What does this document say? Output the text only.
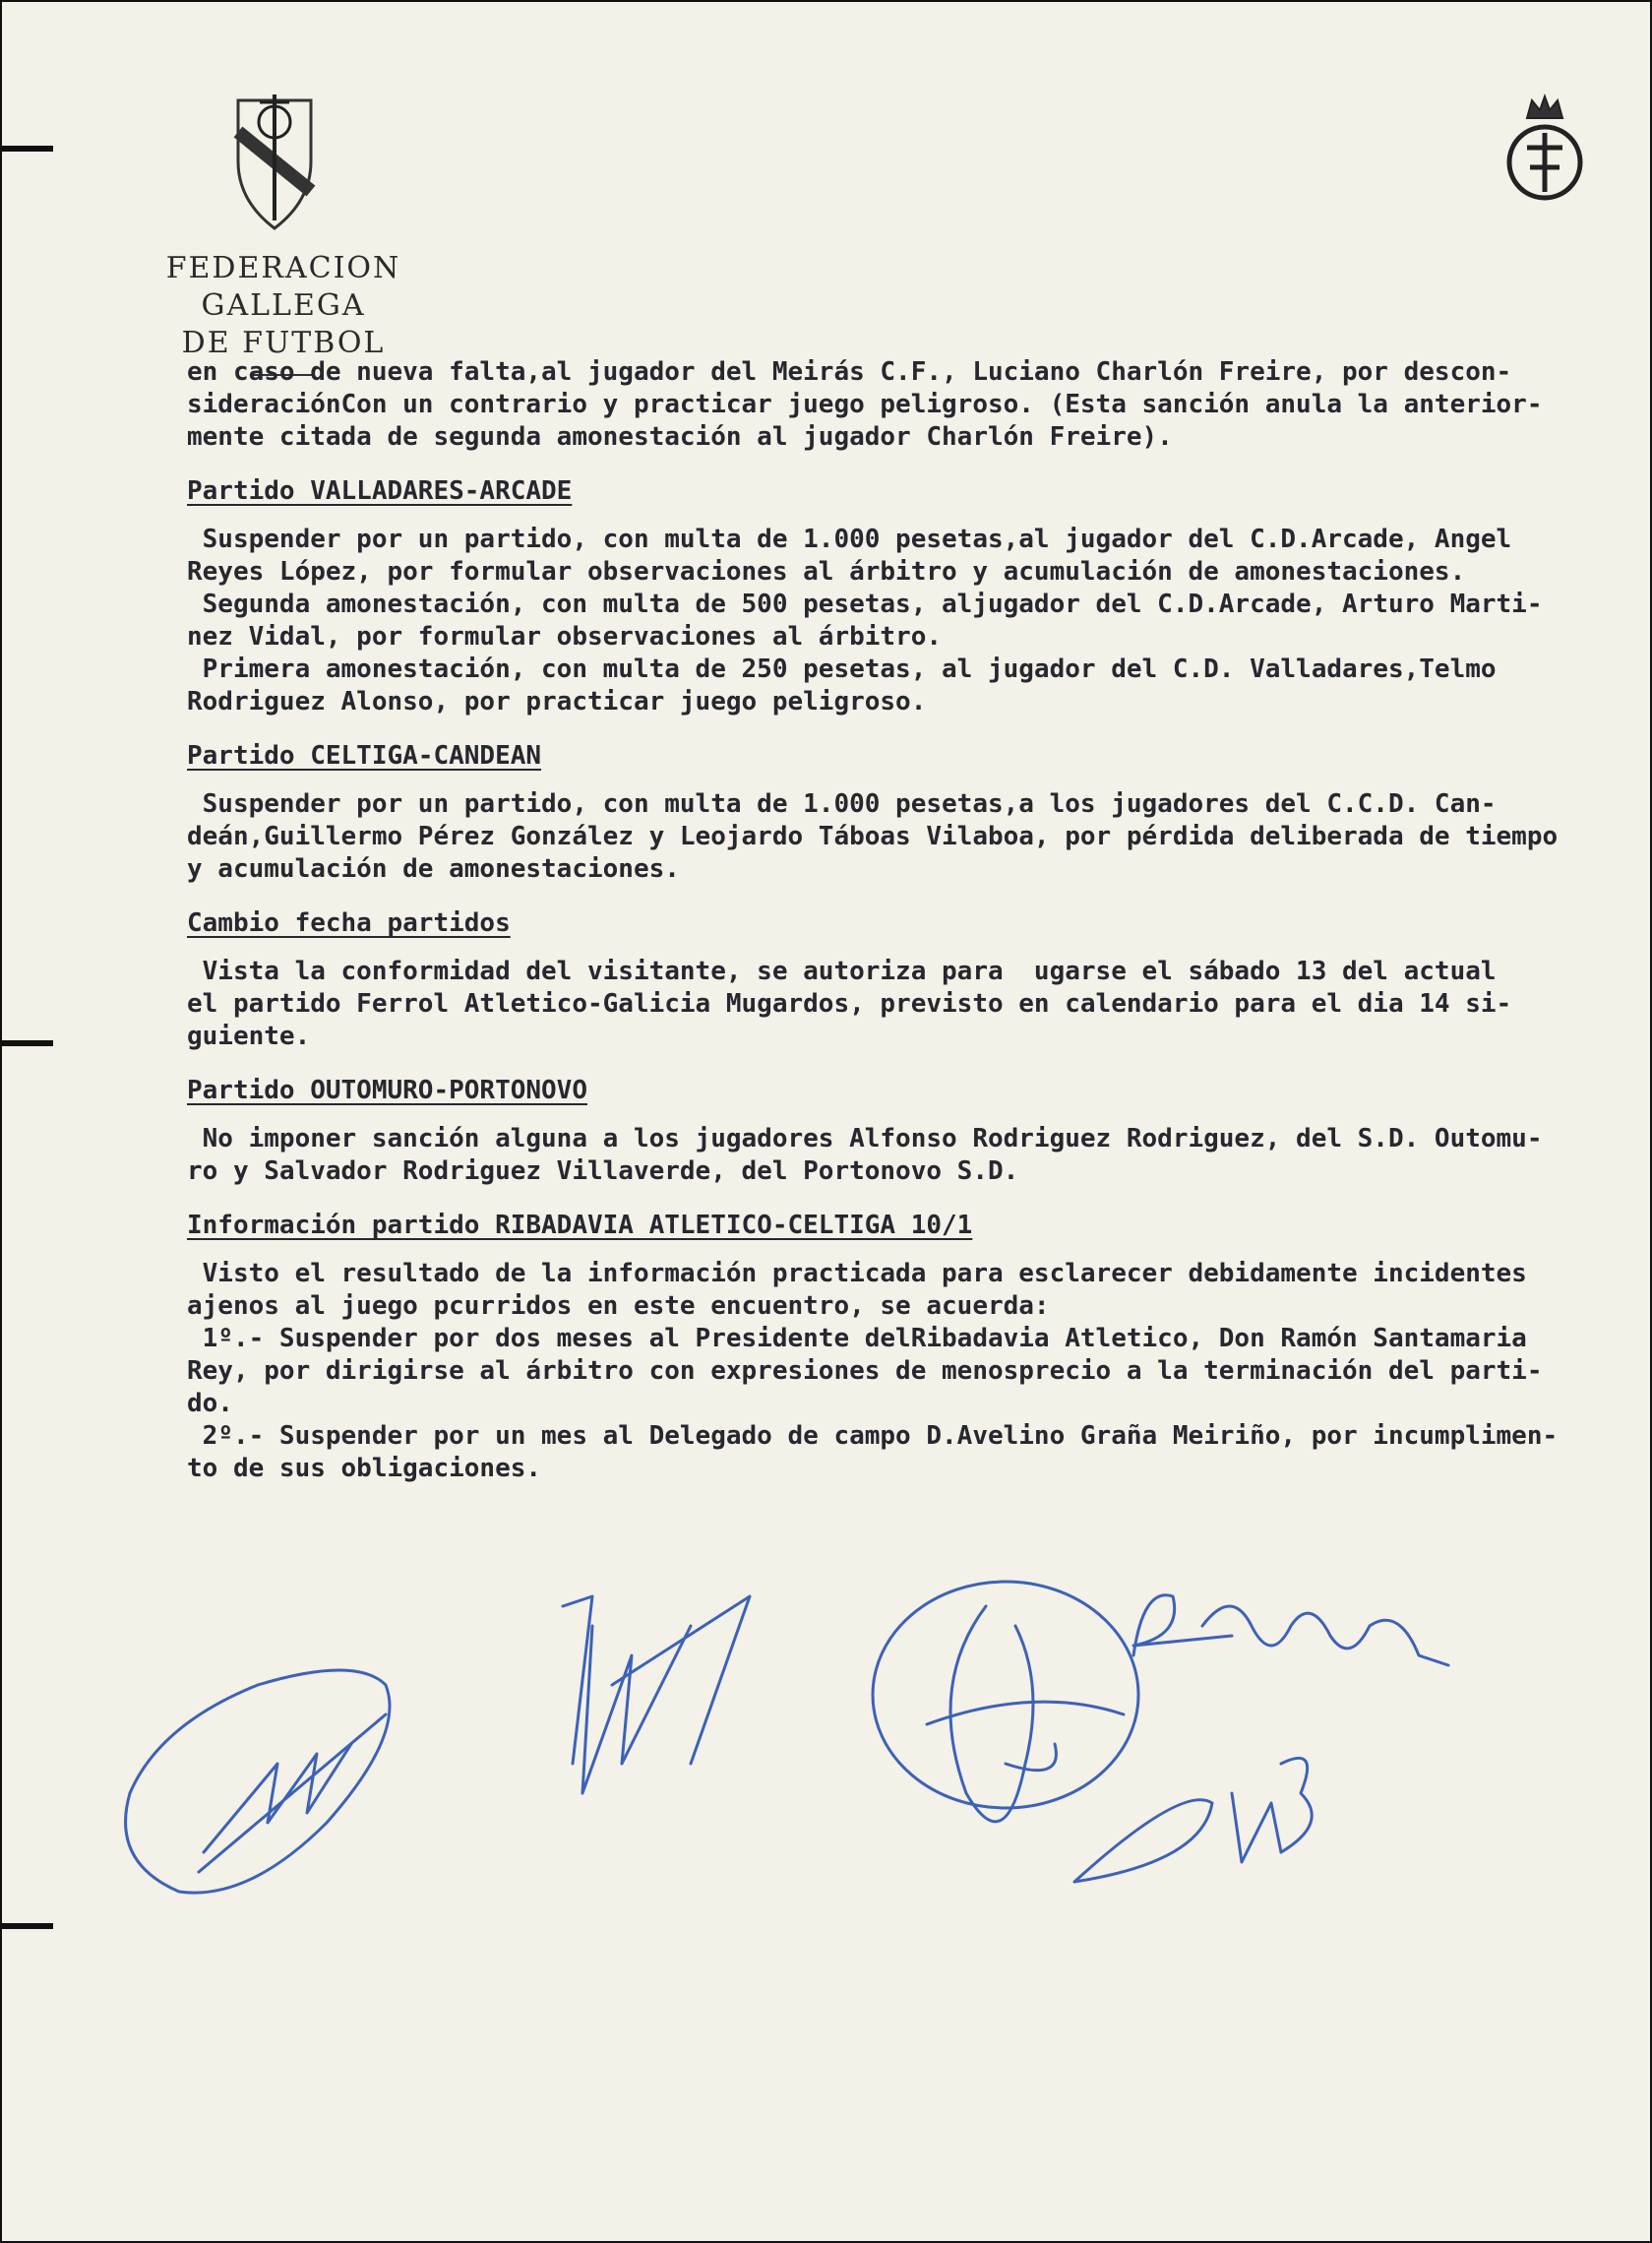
FEDERACION GALLEGA
DE FUTBOL

en caso de nueva falta,al jugador del Meirás C.F., Luciano Charlón Freire, por descon-

sideraciónCon un contrario y practicar juego peligroso. (Esta sanción anula la anterior-

mente citada de segunda amonestación al jugador Charlón Freire).

Partido VALLADARES-ARCADE

Suspender por un partido, con multa de 1.000 pesetas,al jugador del C.D.Arcade, Angel

Reyes López, por formular observaciones al árbitro y acumulación de amonestaciones.

Segunda amonestación, con multa de 500 pesetas, aljugador del C.D.Arcade, Arturo Marti-

nez Vidal, por formular observaciones al árbitro.

Primera amonestación, con multa de 250 pesetas, al jugador del C.D. Valladares,Telmo

Rodriguez Alonso, por practicar juego peligroso.

Partido CELTIGA-CANDEAN

Suspender por un partido, con multa de 1.000 pesetas,a los jugadores del C.C.D. Can-

deán,Guillermo Pérez González y Leojardo Táboas Vilaboa, por pérdida deliberada de tiempo

y acumulación de amonestaciones.

Cambio fecha partidos

Vista la conformidad del visitante, se autoriza para  ugarse el sábado 13 del actual

el partido Ferrol Atletico-Galicia Mugardos, previsto en calendario para el dia 14 si-

guiente.

Partido OUTOMURO-PORTONOVO

No imponer sanción alguna a los jugadores Alfonso Rodriguez Rodriguez, del S.D. Outomu-

ro y Salvador Rodriguez Villaverde, del Portonovo S.D.

Información partido RIBADAVIA ATLETICO-CELTIGA 10/1

Visto el resultado de la información practicada para esclarecer debidamente incidentes

ajenos al juego pcurridos en este encuentro, se acuerda:

1º.- Suspender por dos meses al Presidente delRibadavia Atletico, Don Ramón Santamaria

Rey, por dirigirse al árbitro con expresiones de menosprecio a la terminación del parti-

do.

2º.- Suspender por un mes al Delegado de campo D.Avelino Graña Meiriño, por incumplimen-

to de sus obligaciones.
